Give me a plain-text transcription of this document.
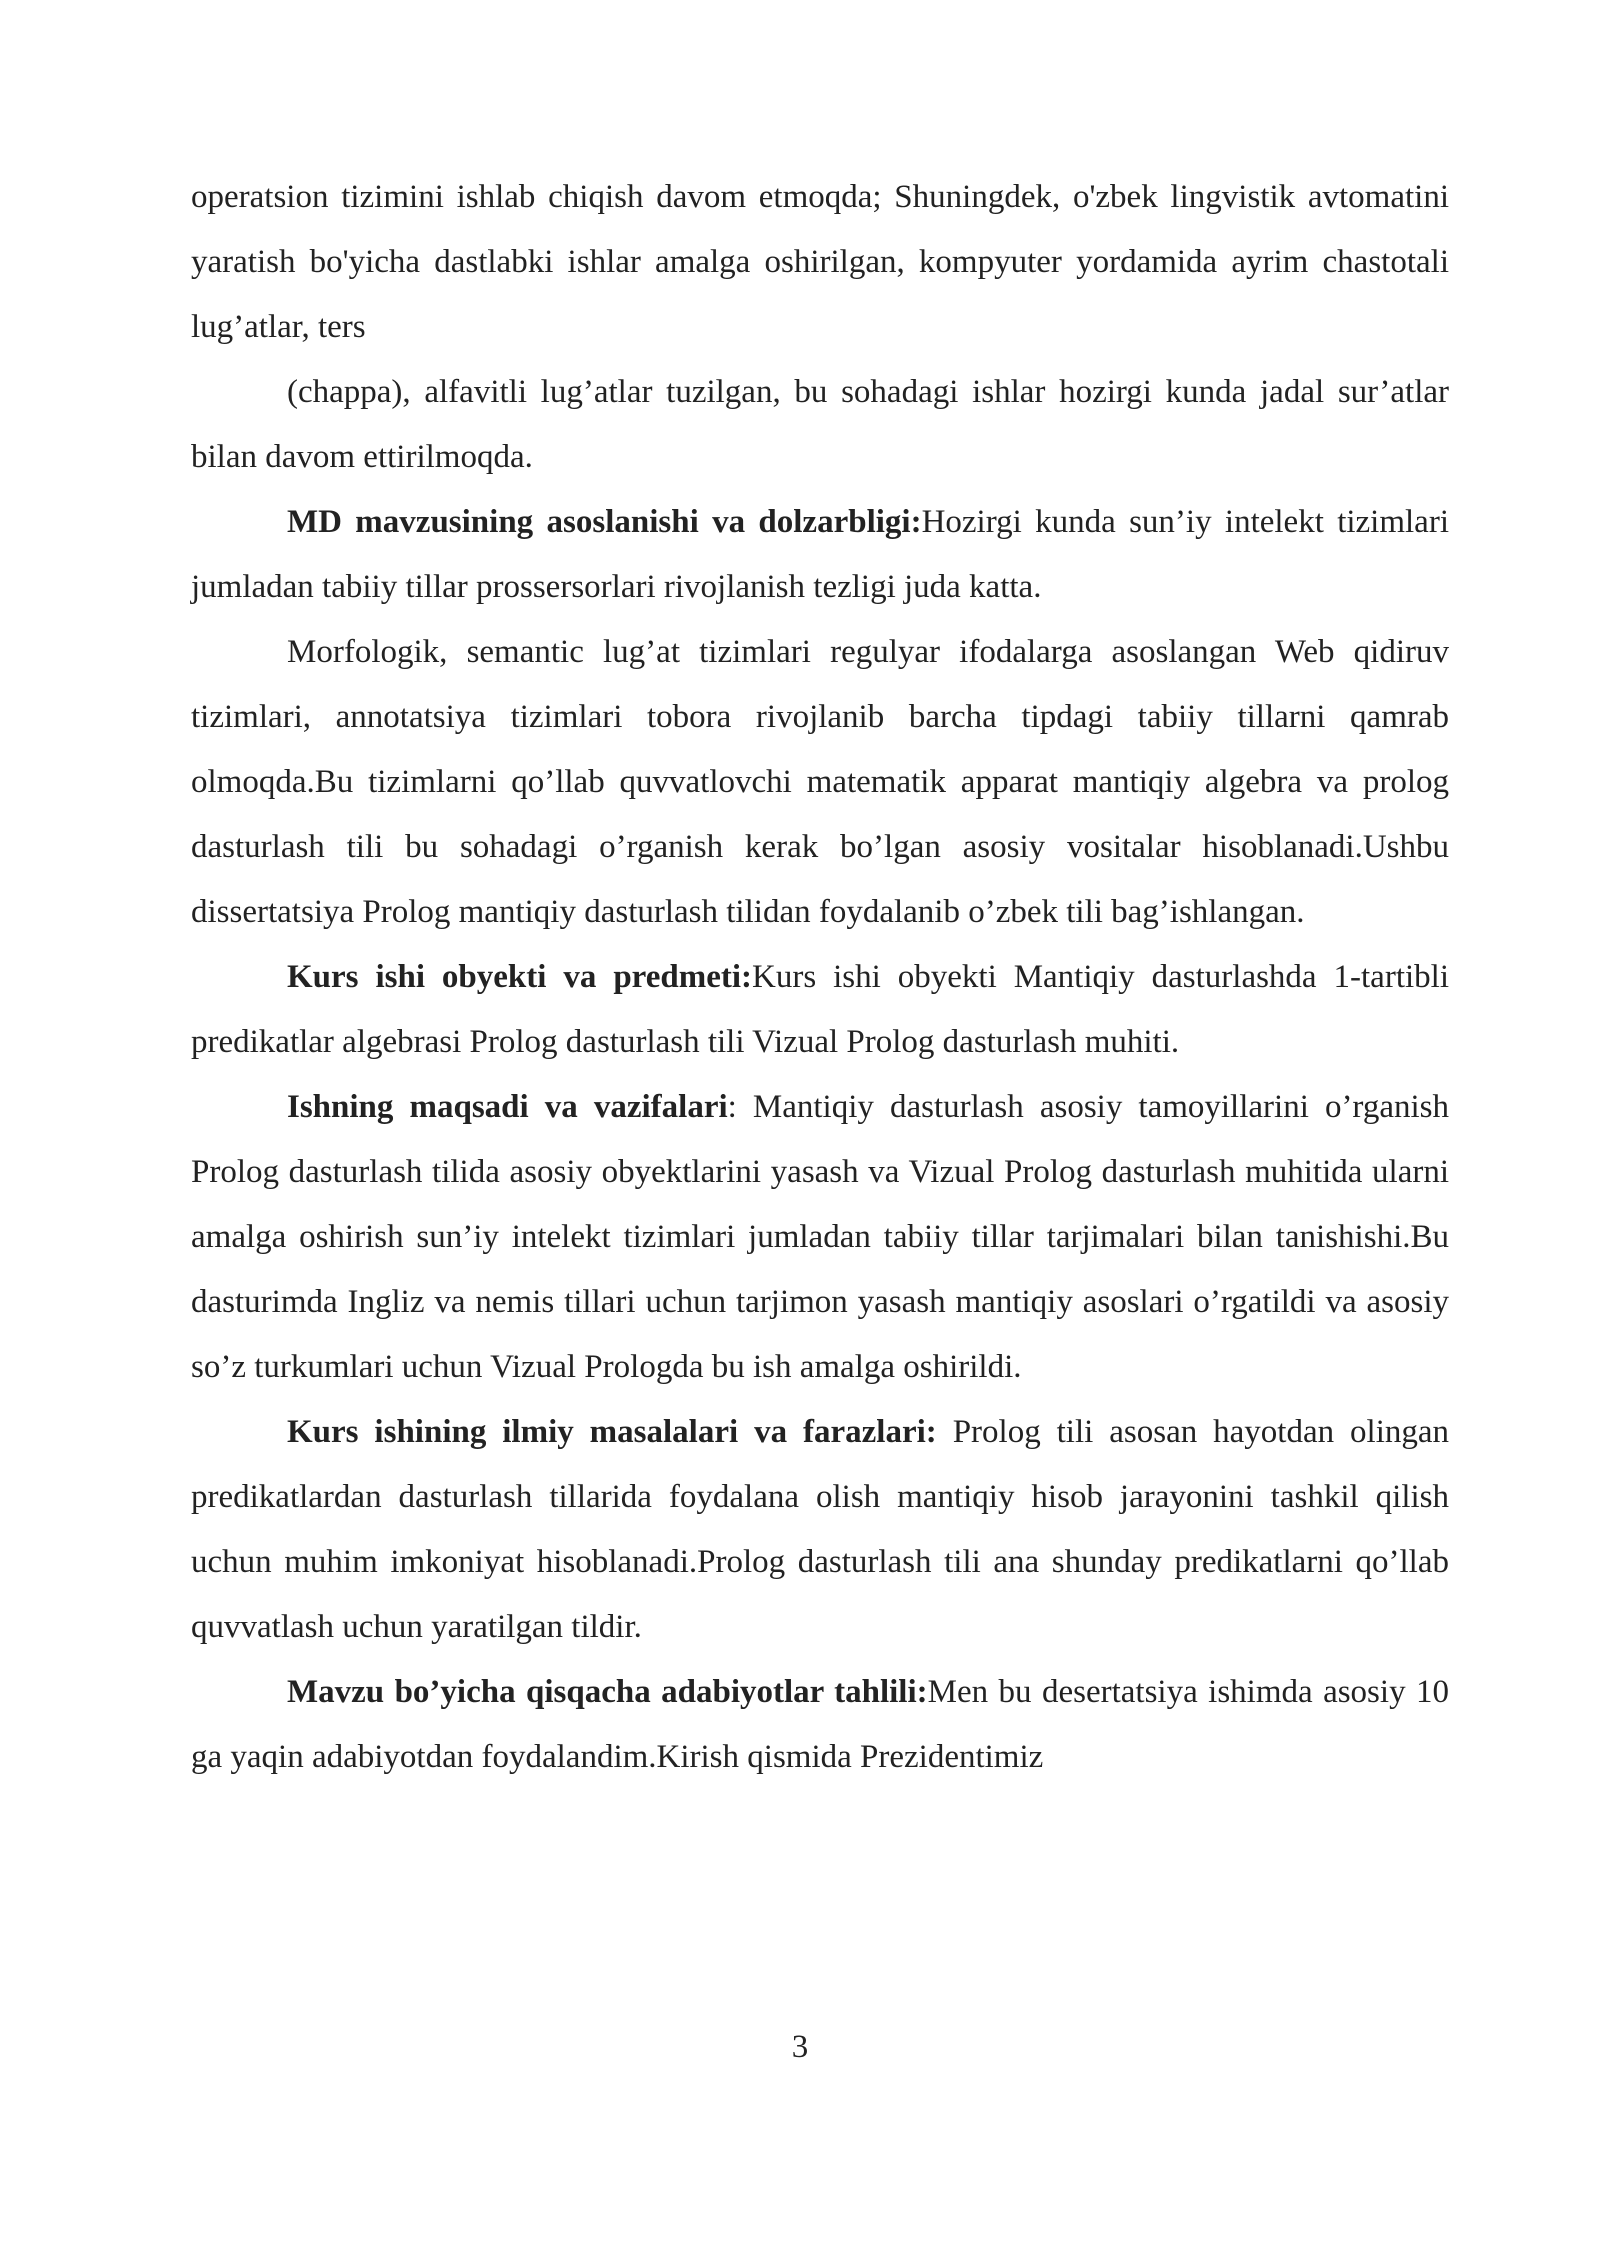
operatsion tizimini ishlab chiqish davom etmoqda; Shuningdek, o'zbek lingvistik avtomatini yaratish bo'yicha dastlabki ishlar amalga oshirilgan, kompyuter yordamida ayrim chastotali lug’atlar, ters

(chappa), alfavitli lug’atlar tuzilgan, bu sohadagi ishlar hozirgi kunda jadal sur’atlar bilan davom ettirilmoqda.

MD mavzusining asoslanishi va dolzarbligi:Hozirgi kunda sun’iy intelekt tizimlari jumladan tabiiy tillar prossersorlari rivojlanish tezligi juda katta.

Morfologik, semantic lug’at tizimlari regulyar ifodalarga asoslangan Web qidiruv tizimlari, annotatsiya tizimlari tobora rivojlanib barcha tipdagi tabiiy tillarni qamrab olmoqda.Bu tizimlarni qo’llab quvvatlovchi matematik apparat mantiqiy algebra va prolog dasturlash tili bu sohadagi o’rganish kerak bo’lgan asosiy vositalar hisoblanadi.Ushbu dissertatsiya Prolog mantiqiy dasturlash tilidan foydalanib o’zbek tili bag’ishlangan.

Kurs ishi obyekti va predmeti:Kurs ishi obyekti Mantiqiy dasturlashda 1-tartibli predikatlar algebrasi Prolog dasturlash tili Vizual Prolog dasturlash muhiti.

Ishning maqsadi va vazifalari: Mantiqiy dasturlash asosiy tamoyillarini o’rganish Prolog dasturlash tilida asosiy obyektlarini yasash va Vizual Prolog dasturlash muhitida ularni amalga oshirish sun’iy intelekt tizimlari jumladan tabiiy tillar tarjimalari bilan tanishishi.Bu dasturimda Ingliz va nemis tillari uchun tarjimon yasash mantiqiy asoslari o’rgatildi va asosiy so’z turkumlari uchun Vizual Prologda bu ish amalga oshirildi.

Kurs ishining ilmiy masalalari va farazlari: Prolog tili asosan hayotdan olingan predikatlardan dasturlash tillarida foydalana olish mantiqiy hisob jarayonini tashkil qilish uchun muhim imkoniyat hisoblanadi.Prolog dasturlash tili ana shunday predikatlarni qo’llab quvvatlash uchun yaratilgan tildir.

Mavzu bo’yicha qisqacha adabiyotlar tahlili:Men bu desertatsiya ishimda asosiy 10 ga yaqin adabiyotdan foydalandim.Kirish qismida Prezidentimiz

3
